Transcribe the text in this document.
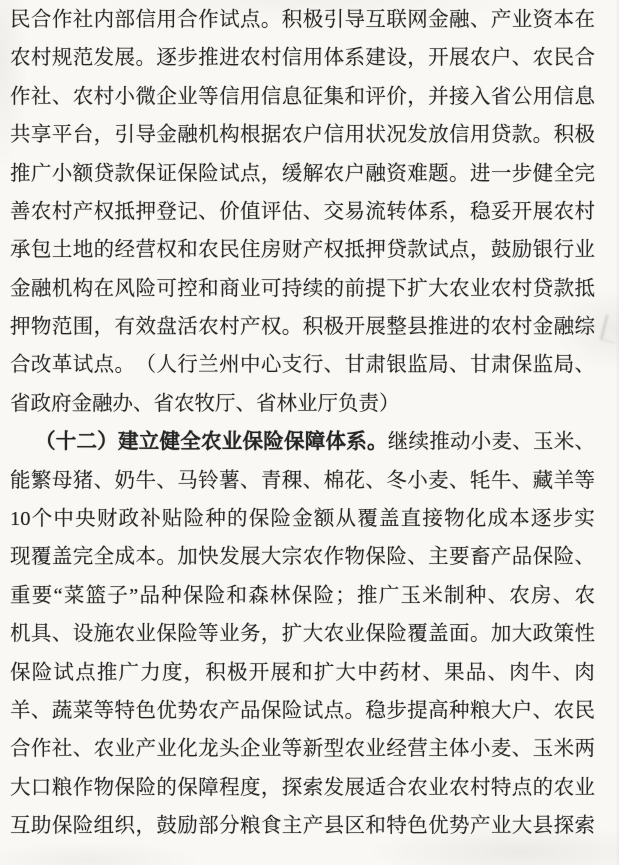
民 合 作 社 内 部 信 用 合 作 试 点 。 积 极 引 导 互 联 网 金 融 、 产 业 资 本 在
农 村 规 范 发 展 。 逐 步 推 进 农 村 信 用 体 系 建 设 ， 开 展 农 户 、 农 民 合
作 社 、 农 村 小 微 企 业 等 信 用 信 息 征 集 和 评 价 ， 并 接 入 省 公 用 信 息
共 享 平 台 ， 引 导 金 融 机 构 根 据 农 户 信 用 状 况 发 放 信 用 贷 款 。 积 极
推 广 小 额 贷 款 保 证 保 险 试 点 ， 缓 解 农 户 融 资 难 题 。 进 一 步 健 全 完
善 农 村 产 权 抵 押 登 记 、 价 值 评 估 、 交 易 流 转 体 系 ， 稳 妥 开 展 农 村
承 包 土 地 的 经 营 权 和 农 民 住 房 财 产 权 抵 押 贷 款 试 点 ， 鼓 励 银 行 业
金 融 机 构 在 风 险 可 控 和 商 业 可 持 续 的 前 提 下 扩 大 农 业 农 村 贷 款 抵
押 物 范 围 ， 有 效 盘 活 农 村 产 权 。 积 极 开 展 整 县 推 进 的 农 村 金 融 综
合 改 革 试 点 。 （ 人 行 兰 州 中 心 支 行 、 甘 肃 银 监 局 、 甘 肃 保 监 局 、
省 政 府 金 融 办 、 省 农 牧 厅 、 省 林 业 厅 负 责 ）
（ 十 二 ） 建 立 健 全 农 业 保 险 保 障 体 系 。 继 续 推 动 小 麦 、 玉 米 、
能 繁 母 猪 、 奶 牛 、 马 铃 薯 、 青 稞 、 棉 花 、 冬 小 麦 、 牦 牛 、 藏 羊 等
10 个 中 央 财 政 补 贴 险 种 的 保 险 金 额 从 覆 盖 直 接 物 化 成 本 逐 步 实
现 覆 盖 完 全 成 本 。 加 快 发 展 大 宗 农 作 物 保 险 、 主 要 畜 产 品 保 险 、
重 要 “ 菜 篮 子 ” 品 种 保 险 和 森 林 保 险 ； 推 广 玉 米 制 种 、 农 房 、 农
机 具 、 设 施 农 业 保 险 等 业 务 ， 扩 大 农 业 保 险 覆 盖 面 。 加 大 政 策 性
保 险 试 点 推 广 力 度 ， 积 极 开 展 和 扩 大 中 药 材 、 果 品 、 肉 牛 、 肉
羊 、 蔬 菜 等 特 色 优 势 农 产 品 保 险 试 点 。 稳 步 提 高 种 粮 大 户 、 农 民
合 作 社 、 农 业 产 业 化 龙 头 企 业 等 新 型 农 业 经 营 主 体 小 麦 、 玉 米 两
大 口 粮 作 物 保 险 的 保 障 程 度 ， 探 索 发 展 适 合 农 业 农 村 特 点 的 农 业
互 助 保 险 组 织 ， 鼓 励 部 分 粮 食 主 产 县 区 和 特 色 优 势 产 业 大 县 探 索
